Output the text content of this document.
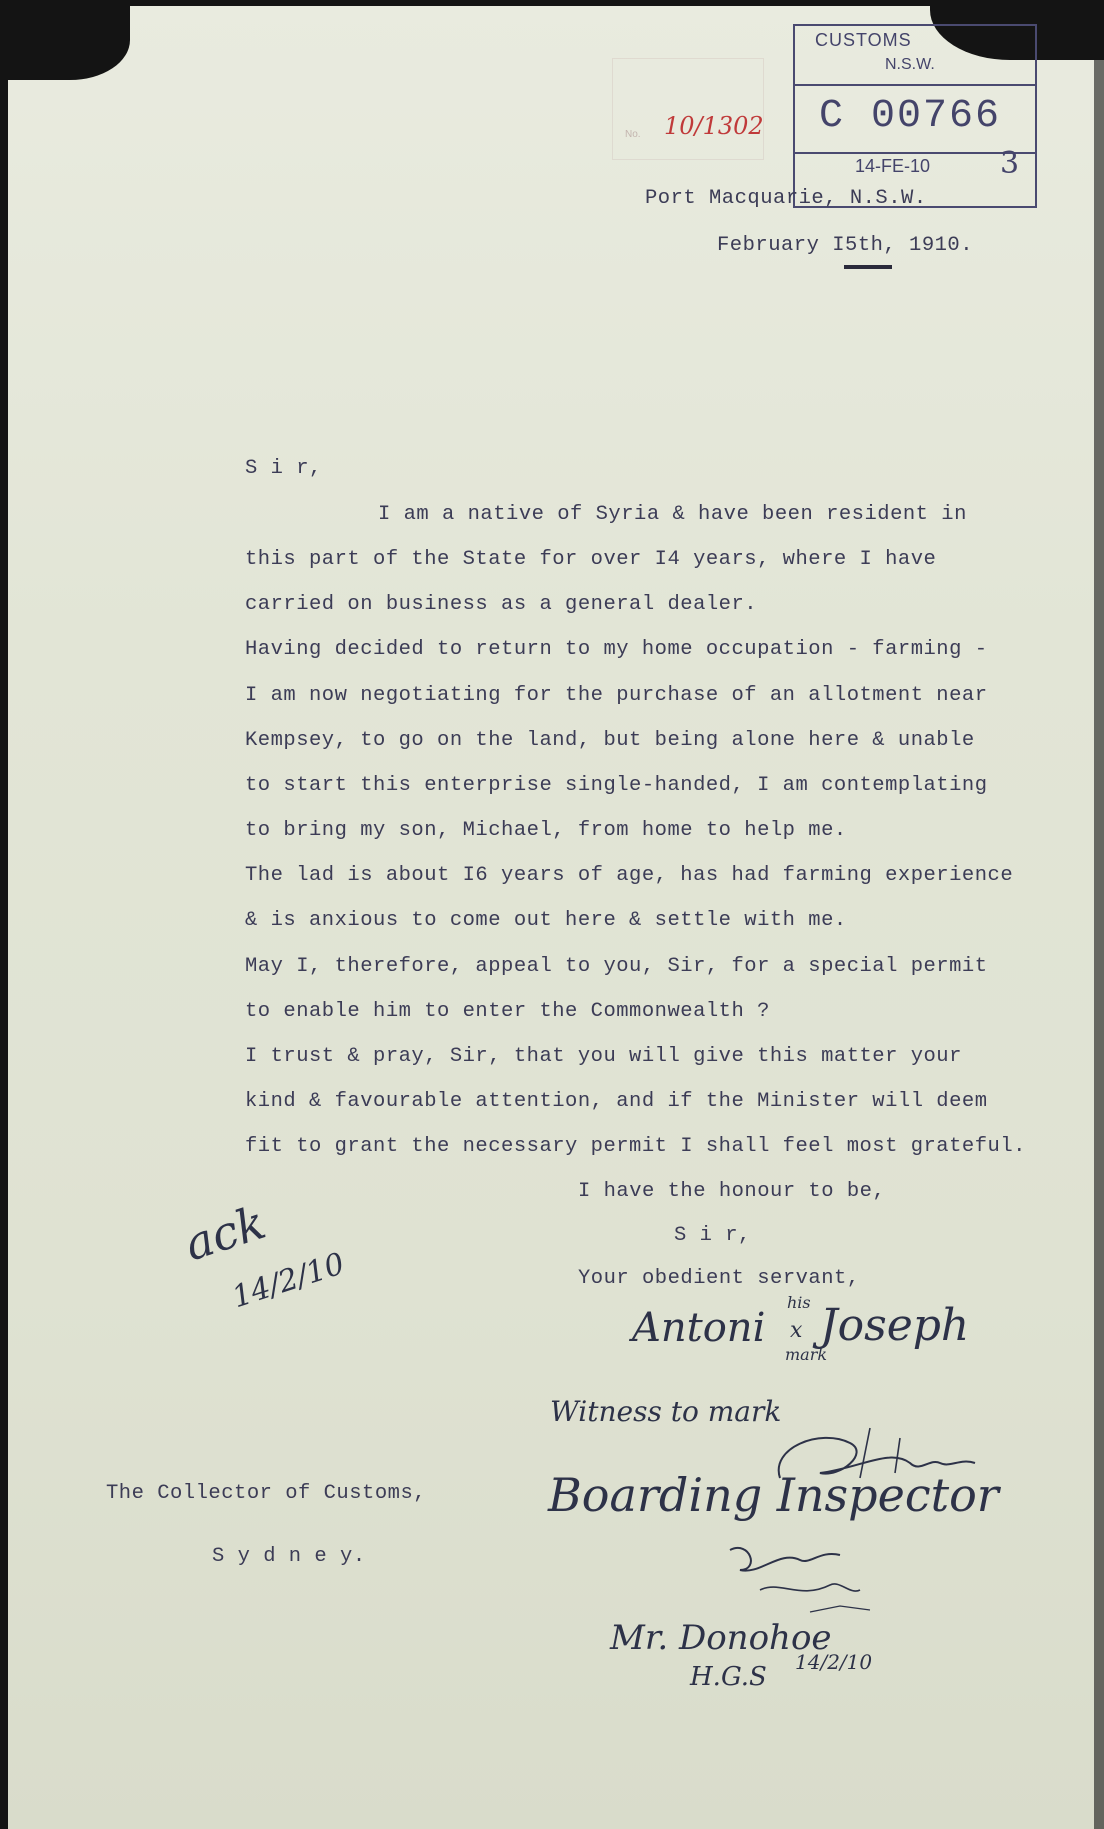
No. 10/1302
CUSTOMS
N.S.W.
C 00766
14-FE-10 3
Port Macquarie, N.S.W.
February I5th, 1910.
S i r,
I am a native of Syria & have been resident in
this part of the State for over I4 years, where I have
carried on business as a general dealer.
Having decided to return to my home occupation - farming -
I am now negotiating for the purchase of an allotment near
Kempsey, to go on the land, but being alone here & unable
to start this enterprise single-handed, I am contemplating
to bring my son, Michael, from home to help me.
The lad is about I6 years of age, has had farming experience
& is anxious to come out here & settle with me.
May I, therefore, appeal to you, Sir, for a special permit
to enable him to enter the Commonwealth ?
I trust & pray, Sir, that you will give this matter your
kind & favourable attention, and if the Minister will deem
fit to grant the necessary permit I shall feel most grateful.
I have the honour to be,
S i r,
Your obedient servant,
Antoni
his
x Joseph
mark
Witness to mark
Boarding Inspector
ack
14/2/10
The Collector of Customs,
S y d n e y.
Mr. Donohoe
H.G.S 14/2/10
